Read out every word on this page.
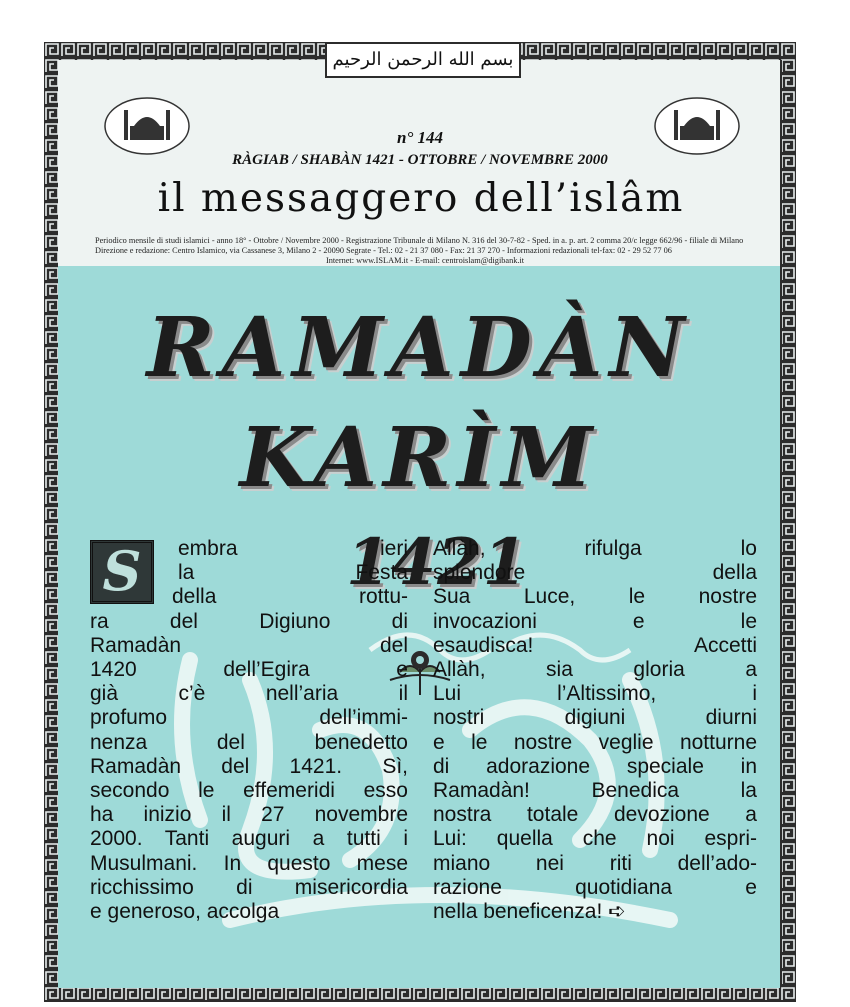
بسم الله الرحمن الرحيم
n° 144
RÀGIAB / SHABÀN 1421 - OTTOBRE / NOVEMBRE 2000
il messaggero dell’islâm
Periodico mensile di studi islamici - anno 18° - Ottobre / Novembre 2000 - Registrazione Tribunale di Milano N. 316 del 30-7-82 - Sped. in a. p. art. 2 comma 20/c legge 662/96 - filiale di Milano
Direzione e redazione: Centro Islamico, via Cassanese 3, Milano 2 - 20090 Segrate - Tel.: 02 - 21 37 080 - Fax: 21 37 270 - Informazioni redazionali tel-fax: 02 - 29 52 77 06
Internet: www.ISLAM.it - E-mail: centroislam@digibank.it
RAMADÀN
KARÌM
1421
S	embra ieri
la Festa
della rottu-
ra del Digiuno di
Ramadàn del
1420 dell’Egira e
già c’è nell’aria il
profumo dell’immi-
nenza del benedetto
Ramadàn del 1421. Sì,
secondo le effemeridi esso
ha inizio il 27 novembre
2000. Tanti auguri a tutti i
Musulmani. In questo mese
ricchissimo di misericordia
e generoso, accolga
Allàh, rifulga lo
splendore della
Sua Luce, le nostre
invocazioni e le
esaudisca! Accetti
Allàh, sia gloria a
Lui l’Altissimo, i
nostri digiuni diurni
e le nostre veglie notturne
di adorazione speciale in
Ramadàn! Benedica la
nostra totale devozione a
Lui: quella che noi espri-
miano nei riti dell’ado-
razione quotidiana e
nella beneficenza! ➪
